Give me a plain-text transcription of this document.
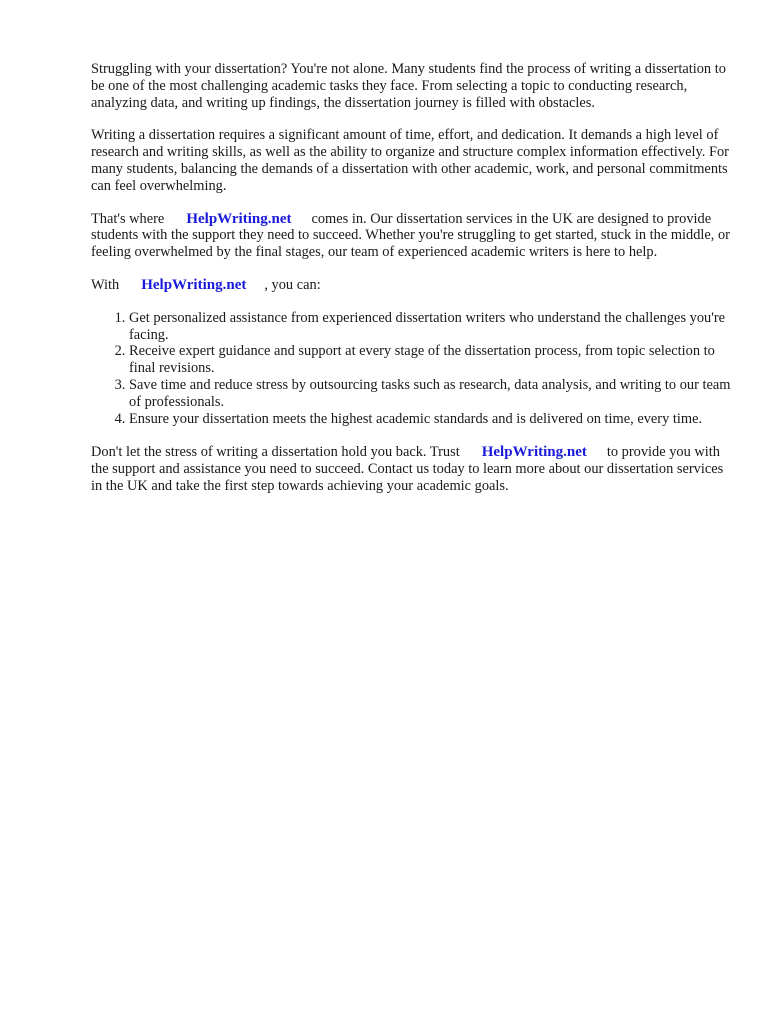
Struggling with your dissertation? You're not alone. Many students find the process of writing a dissertation to be one of the most challenging academic tasks they face. From selecting a topic to conducting research, analyzing data, and writing up findings, the dissertation journey is filled with obstacles.

Writing a dissertation requires a significant amount of time, effort, and dedication. It demands a high level of research and writing skills, as well as the ability to organize and structure complex information effectively. For many students, balancing the demands of a dissertation with other academic, work, and personal commitments can feel overwhelming.

That's where HelpWriting.net comes in. Our dissertation services in the UK are designed to provide students with the support they need to succeed. Whether you're struggling to get started, stuck in the middle, or feeling overwhelmed by the final stages, our team of experienced academic writers is here to help.

With HelpWriting.net , you can:

1. Get personalized assistance from experienced dissertation writers who understand the challenges you're facing.
2. Receive expert guidance and support at every stage of the dissertation process, from topic selection to final revisions.
3. Save time and reduce stress by outsourcing tasks such as research, data analysis, and writing to our team of professionals.
4. Ensure your dissertation meets the highest academic standards and is delivered on time, every time.

Don't let the stress of writing a dissertation hold you back. Trust HelpWriting.net to provide you with the support and assistance you need to succeed. Contact us today to learn more about our dissertation services in the UK and take the first step towards achieving your academic goals.
